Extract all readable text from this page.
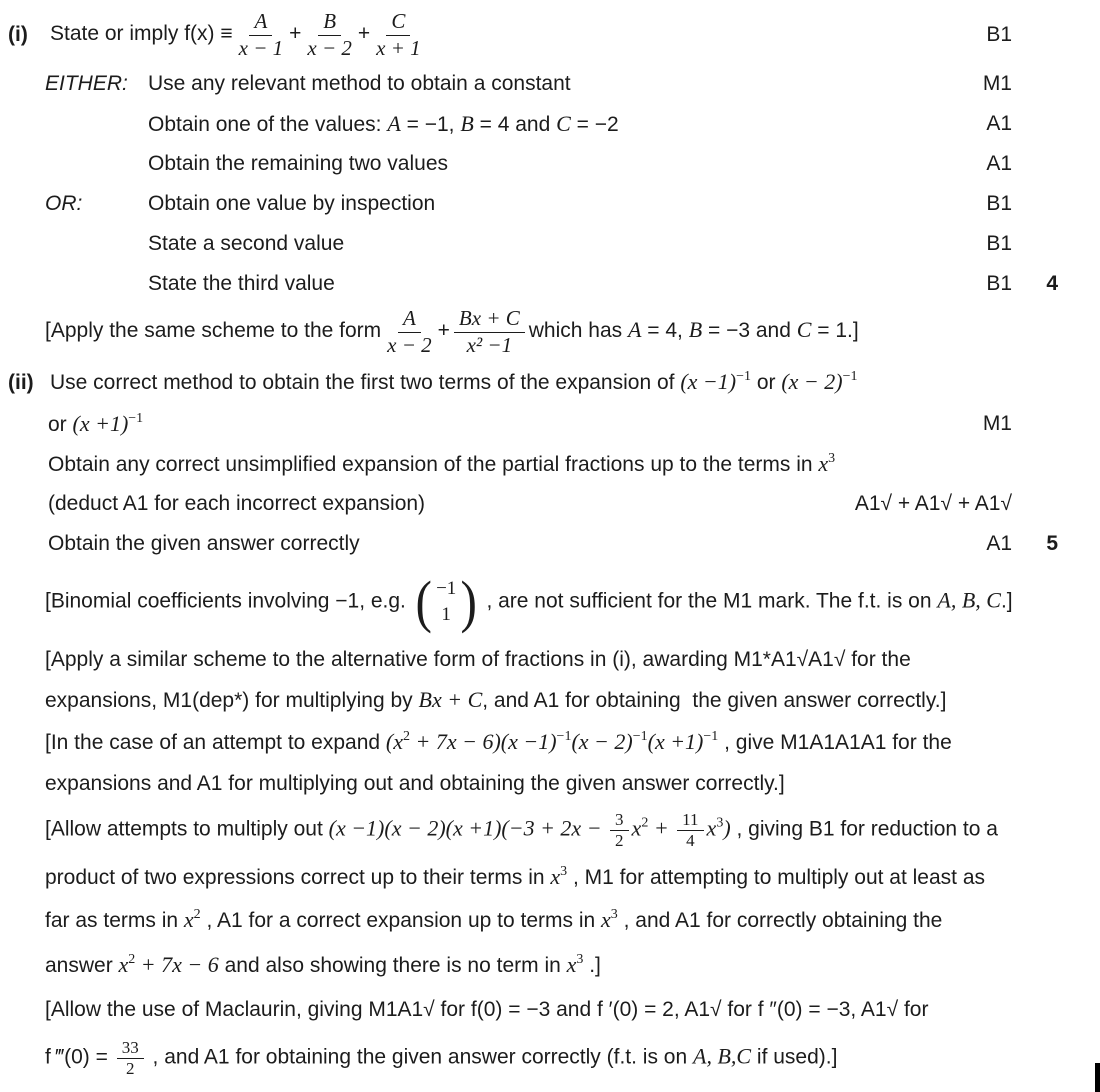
(i) State or imply $f(x) \equiv \frac{A}{x - 1} + \frac{B}{x - 2} + \frac{C}{x + 1}$	B1
EITHER: Use any relevant method to obtain a constant	M1
Obtain one of the values: A = −1, B = 4 and C = −2	A1
Obtain the remaining two values	A1
OR:	Obtain one value by inspection	B1
State a second value	B1
State the third value	B1 4
[Apply the same scheme to the form $\frac{A}{x - 2} + \frac{Bx + C}{\text{x² −1}}$ which has A = 4, B = −3 and C = 1.]
(ii) Use correct method to obtain the first two terms of the expansion of $(x -1)^{-1}$ or $(x - 2)^{-1}$
or $(x +1)^{-1}$	M1
Obtain any correct unsimplified expansion of the partial fractions up to the terms in $x^3$
(deduct A1 for each incorrect expansion)	A1√ + A1√ + A1√
Obtain the given answer correctly	A1 5
[Binomial coefficients involving −1, e.g. ( −1
1 ) , are not sufficient for the M1 mark. The f.t. is on A, B, C.]
[Apply a similar scheme to the alternative form of fractions in (i), awarding M1*A1√A1√ for the
expansions, M1(dep*) for multiplying by Bx + C, and A1 for obtaining  the given answer correctly.]
[In the case of an attempt to expand $(x^2 + 7x - 6)(x -1)^{-1}(x - 2)^{-1}(x +1)^{-1}$ , give M1A1A1A1 for the
expansions and A1 for multiplying out and obtaining the given answer correctly.]
[Allow attempts to multiply out $(x -1)(x - 2)(x +1)(-3 + 2x - \frac{3}{2} x^2 + \frac{11}{4} x^3)$ , giving B1 for reduction to a
product of two expressions correct up to their terms in $x^3$ , M1 for attempting to multiply out at least as
far as terms in $x^2$ , A1 for a correct expansion up to terms in $x^3$ , and A1 for correctly obtaining the
answer $x^2 + 7x - 6$ and also showing there is no term in $x^3$ .]
[Allow the use of Maclaurin, giving M1A1√ for f(0) = −3 and f ′(0) = 2, A1√ for f ″(0) = −3, A1√ for
f ‴(0) = $\frac{33}{2}$ , and A1 for obtaining the given answer correctly (f.t. is on A, B,C if used).]
